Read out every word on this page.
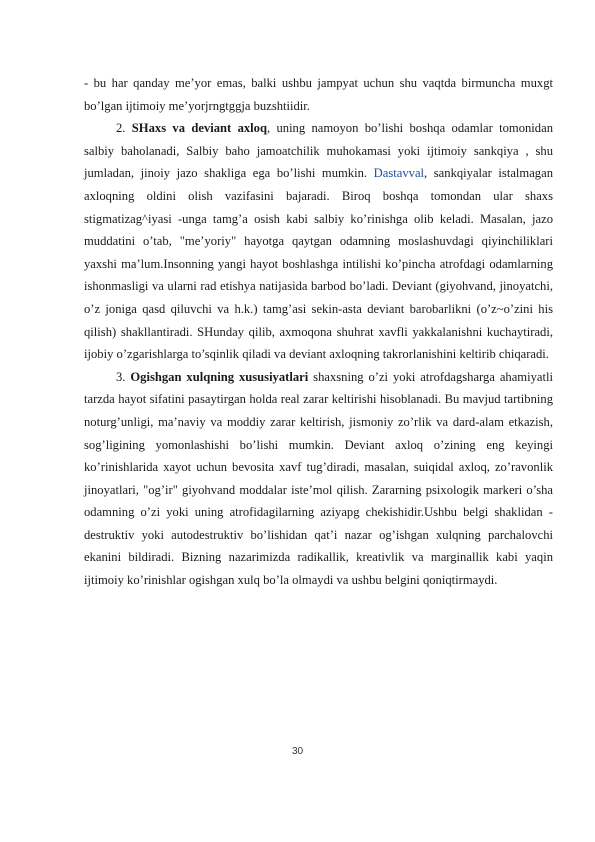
- bu har qanday me’yor emas, balki ushbu jampyat uchun shu vaqtda birmuncha muxgt bo’lgan ijtimoiy me’yorjrngtggja buzshtiidir.

2. SHaxs va deviant axloq, uning namoyon bo’lishi boshqa odamlar tomonidan salbiy baholanadi, Salbiy baho jamoatchilik muhokamasi yoki ijtimoiy sankqiya , shu jumladan, jinoiy jazo shakliga ega bo’lishi mumkin. Dastavval, sankqiyalar istalmagan axloqning oldini olish vazifasini bajaradi. Biroq boshqa tomondan ular shaxs stigmatizag^iyasi -unga tamg’a osish kabi salbiy ko’rinishga olib keladi. Masalan, jazo muddatini o’tab, "me’yoriy" hayotga qaytgan odamning moslashuvdagi qiyinchiliklari yaxshi ma’lum.Insonning yangi hayot boshlashga intilishi ko’pincha atrofdagi odamlarning ishonmasligi va ularni rad etishya natijasida barbod bo’ladi. Deviant (giyohvand, jinoyatchi, o’z joniga qasd qiluvchi va h.k.) tamg’asi sekin-asta deviant barobarlikni (o’z~o’zini his qilish) shakllantiradi. SHunday qilib, axmoqona shuhrat xavfli yakkalanishni kuchaytiradi, ijobiy o’zgarishlarga to’sqinlik qiladi va deviant axloqning takrorlanishini keltirib chiqaradi.

3. Ogishgan xulqning xususiyatlari shaxsning o’zi yoki atrofdagsharga ahamiyatli tarzda hayot sifatini pasaytirgan holda real zarar keltirishi hisoblanadi. Bu mavjud tartibning noturg’unligi, ma’naviy va moddiy zarar keltirish, jismoniy zo’rlik va dard-alam etkazish, sog’ligining yomonlashishi bo’lishi mumkin. Deviant axloq o’zining eng keyingi ko’rinishlarida xayot uchun bevosita xavf tug’diradi, masalan, suiqidal axloq, zo’ravonlik jinoyatlari, "og’ir" giyohvand moddalar iste’mol qilish. Zararning psixologik markeri o’sha odamning o’zi yoki uning atrofidagilarning aziyapg chekishidir.Ushbu belgi shaklidan - destruktiv yoki autodestruktiv bo’lishidan qat’i nazar og’ishgan xulqning parchalovchi ekanini bildiradi. Bizning nazarimizda radikallik, kreativlik va marginallik kabi yaqin ijtimoiy ko’rinishlar ogishgan xulq bo’la olmaydi va ushbu belgini qoniqtirmaydi.

30
